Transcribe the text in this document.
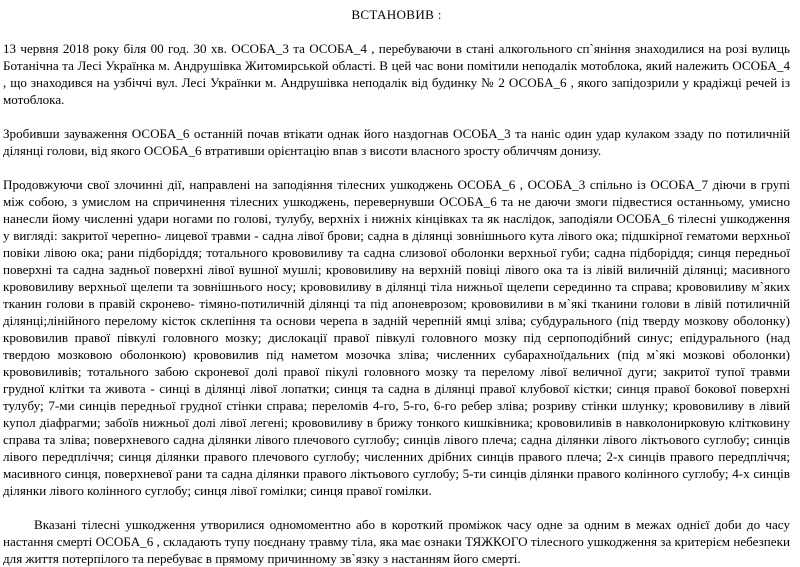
ВСТАНОВИВ :

13 червня 2018 року біля 00 год. 30 хв. ОСОБА_3 та ОСОБА_4 , перебуваючи в стані алкогольного сп`яніння знаходилися на розі вулиць Ботанічна та Лесі Українка м. Андрушівка Житомирськой області. В цей час вони помітили неподалік мотоблока, який належить ОСОБА_4 , що знаходився на узбіччі вул. Лесі Українки м. Андрушівка неподалік від будинку № 2 ОСОБА_6 , якого запідозрили у крадіжці речей із мотоблока.

Зробивши зауваження ОСОБА_6 останній почав втікати однак його наздогнав ОСОБА_3 та наніс один удар кулаком ззаду по потиличній ділянці голови, від якого ОСОБА_6 втративши орієнтацію впав з висоти власного зросту обличчям донизу.

Продовжуючи свої злочинні дії, направлені на заподіяння тілесних ушкоджень ОСОБА_6 , ОСОБА_3 спільно із ОСОБА_7 діючи в групі між собою, з умислом на спричинення тілесних ушкоджень, перевернувши ОСОБА_6 та не даючи змоги підвестися останньому, умисно нанесли йому численні удари ногами по голові, тулубу, верхніх і нижніх кінцівках та як наслідок, заподіяли ОСОБА_6 тілесні ушкодження у вигляді: закритої черепно- лицевої травми - садна лівої брови; садна в ділянці зовнішнього кута лівого ока; підшкірної гематоми верхньої повіки лівою ока; рани підборіддя; тотального крововиливу та садна слизової оболонки верхньої губи; садна підборіддя; синця передньої поверхні та садна задньої поверхні лівої вушної мушлі; крововиливу на верхній повіці лівого ока та із лівій виличній ділянці; масивного крововиливу верхньої щелепи та зовнішнього носу; крововиливу в ділянці тіла нижньої щелепи серединно та справа; крововиливу м`яких тканин голови в правій скронево- тімяно-потиличній ділянці та під апоневрозом; крововиливи в м`які тканини голови в лівій потиличній ділянці;лінійного перелому кісток склепіння та основи черепа в задній черепній ямці зліва; субдурального (під тверду мозкову оболонку) крововилив правої півкулі головного мозку; дислокації правої півкулі головного мозку під серпоподібний синус; епідурального (над твердою мозковою оболонкою) крововилив під наметом мозочка зліва; численних субарахноїдальних (під м`які мозкові оболонки) крововиливів; тотального забою скроневої долі правої пікулі головного мозку та перелому лівої величної дуги; закритої тупої травми грудної клітки та живота - синці в ділянці лівої лопатки; синця та садна в ділянці правої клубової кістки; синця правої бокової поверхні тулубу; 7-ми синців передньої грудної стінки справа; переломів 4-го, 5-го, 6-го ребер зліва; розриву стінки шлунку; крововиливу в лівий купол діафрагми; забоїв нижньої долі лівої легені; крововиливу в брижу тонкого кишківника; крововиливів в навколонирковую клітковину справа та зліва; поверхневого садна ділянки лівого плечового суглобу; синців лівого плеча; садна ділянки лівого ліктьового суглобу; синців лівого передпліччя; синця ділянки правого плечового суглобу; численних дрібних синців правого плеча; 2-х синців правого передпліччя; масивного синця, поверхневої рани та садна ділянки правого ліктьового суглобу; 5-ти синців ділянки правого колінного суглобу; 4-х синців ділянки лівого колінного суглобу; синця лівої гомілки; синця правої гомілки.

Вказані тілесні ушкодження утворилися одномоментно або в короткий проміжок часу одне за одним в межах однієї доби до часу настання смерті ОСОБА_6 , складають тупу поєднану травму тіла, яка має ознаки ТЯЖКОГО тілесного ушкодження за критерієм небезпеки для життя потерпілого та перебуває в прямому причинному зв`язку з настанням його смерті.
